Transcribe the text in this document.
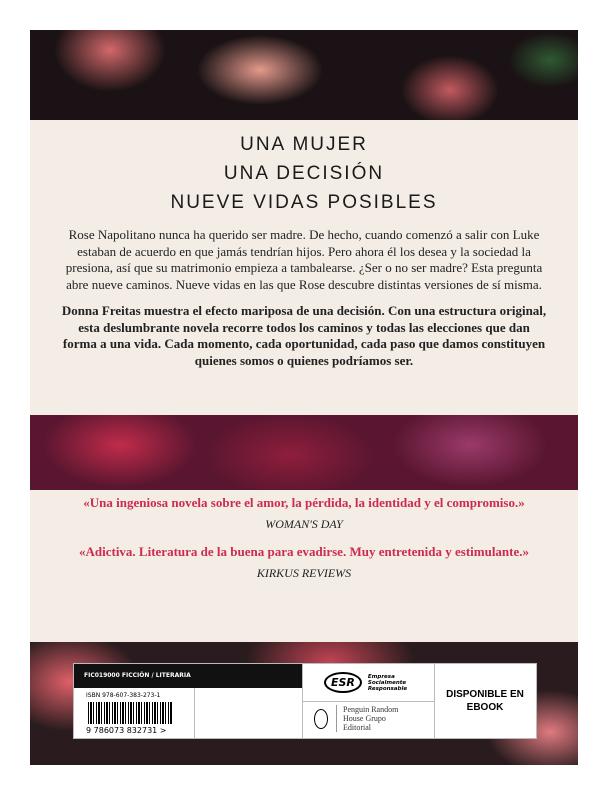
UNA MUJER
UNA DECISIÓN
NUEVE VIDAS POSIBLES
Rose Napolitano nunca ha querido ser madre. De hecho, cuando comenzó a salir con Luke estaban de acuerdo en que jamás tendrían hijos. Pero ahora él los desea y la sociedad la presiona, así que su matrimonio empieza a tambalearse. ¿Ser o no ser madre? Esta pregunta abre nueve caminos. Nueve vidas en las que Rose descubre distintas versiones de sí misma.
Donna Freitas muestra el efecto mariposa de una decisión. Con una estructura original, esta deslumbrante novela recorre todos los caminos y todas las elecciones que dan forma a una vida. Cada momento, cada oportunidad, cada paso que damos constituyen quienes somos o quienes podríamos ser.
«Una ingeniosa novela sobre el amor, la pérdida, la identidad y el compromiso.»
WOMAN'S DAY
«Adictiva. Literatura de la buena para evadirse. Muy entretenida y estimulante.»
KIRKUS REVIEWS
ISBN 978-607-383-273-1
9 786073 832731 >
FIC019000 FICCIÓN / LITERARIA
ESR	Empresa Socialmente Responsable
Penguin Random House Grupo Editorial
DISPONIBLE EN EBOOK
